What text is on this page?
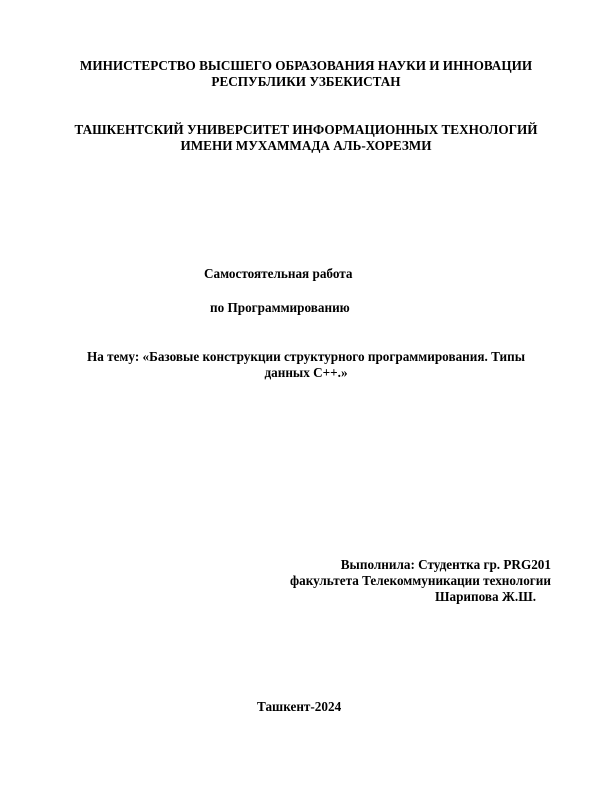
МИНИСТЕРСТВО ВЫСШЕГО ОБРАЗОВАНИЯ НАУКИ И ИННОВАЦИИ
РЕСПУБЛИКИ УЗБЕКИСТАН
ТАШКЕНТСКИЙ УНИВЕРСИТЕТ ИНФОРМАЦИОННЫХ ТЕХНОЛОГИЙ
ИМЕНИ МУХАММАДА АЛЬ-ХОРЕЗМИ
Самостоятельная работа
по Программированию
На тему: «Базовые конструкции структурного программирования. Типы
данных С++.»
Выполнила: Студентка гр. PRG201
факультета Телекоммуникации технологии
Шарипова Ж.Ш.
Ташкент-2024
